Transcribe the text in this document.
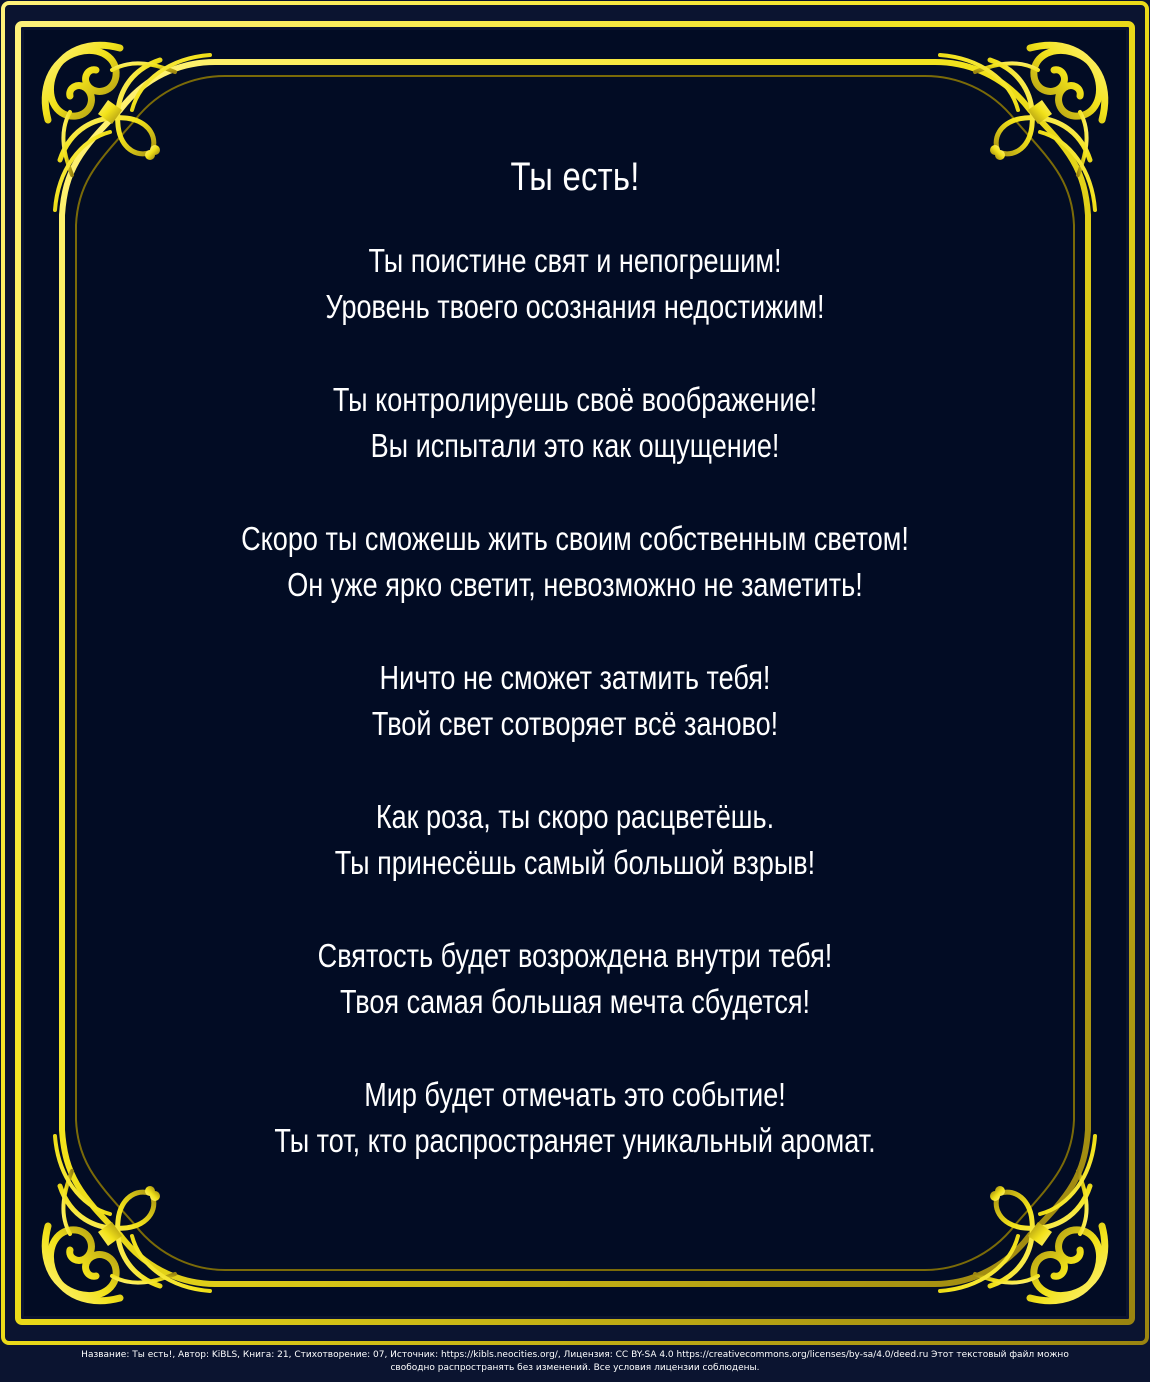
Ты есть!
Ты поистине свят и непогрешим!
Уровень твоего осознания недостижим!
Ты контролируешь своё воображение!
Вы испытали это как ощущение!
Скоро ты сможешь жить своим собственным светом!
Он уже ярко светит, невозможно не заметить!
Ничто не сможет затмить тебя!
Твой свет сотворяет всё заново!
Как роза, ты скоро расцветёшь.
Ты принесёшь самый большой взрыв!
Святость будет возрождена внутри тебя!
Твоя самая большая мечта сбудется!
Мир будет отмечать это событие!
Ты тот, кто распространяет уникальный аромат.
Название: Ты есть!, Автор: KiBLS, Книга: 21, Стихотворение: 07, Источник: https://kibls.neocities.org/, Лицензия: CC BY-SA 4.0 https://creativecommons.org/licenses/by-sa/4.0/deed.ru Этот текстовый файл можно
свободно распространять без изменений. Все условия лицензии соблюдены.
